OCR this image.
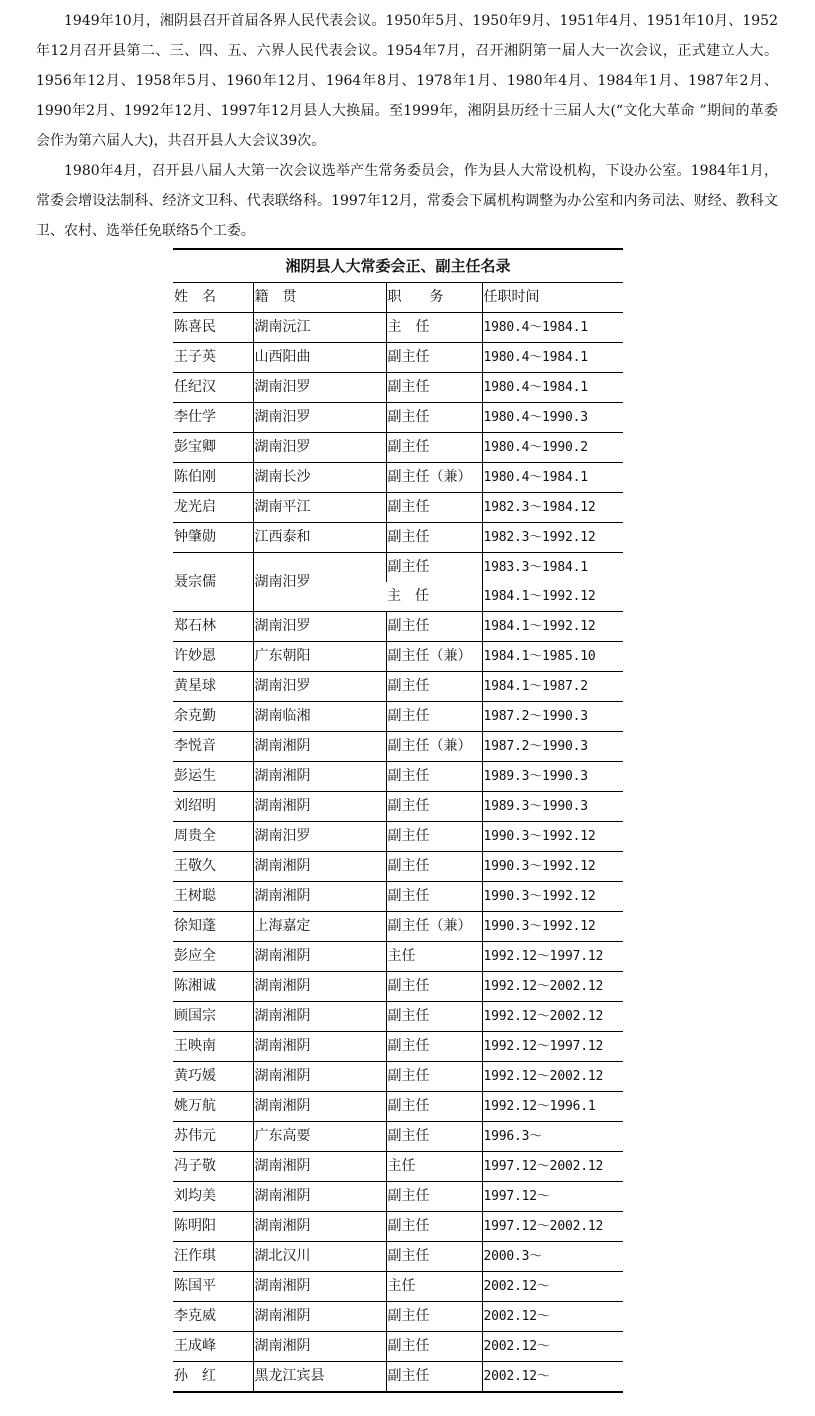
1949年10月，湘阴县召开首届各界人民代表会议。1950年5月、1950年9月、1951年4月、1951年10月、1952年12月召开县第二、三、四、五、六界人民代表会议。1954年7月，召开湘阴第一届人大一次会议，正式建立人大。1956年12月、1958年5月、1960年12月、1964年8月、1978年1月、1980年4月、1984年1月、1987年2月、1990年2月、1992年12月、1997年12月县人大换届。至1999年，湘阴县历经十三届人大(“文化大革命 ”期间的革委会作为第六届人大)，共召开县人大会议39次。

1980年4月，召开县八届人大第一次会议选举产生常务委员会，作为县人大常设机构，下设办公室。1984年1月，常委会增设法制科、经济文卫科、代表联络科。1997年12月，常委会下属机构调整为办公室和内务司法、财经、教科文卫、农村、选举任免联络5个工委。

湘阴县人大常委会正、副主任名录
姓　名	籍　贯	职　　务	任职时间
陈喜民	湖南沅江	主　任	1980.4～1984.1
王子英	山西阳曲	副主任	1980.4～1984.1
任纪汉	湖南汨罗	副主任	1980.4～1984.1
李仕学	湖南汨罗	副主任	1980.4～1990.3
彭宝卿	湖南汨罗	副主任	1980.4～1990.2
陈伯刚	湖南长沙	副主任（兼）	1980.4～1984.1
龙光启	湖南平江	副主任	1982.3～1984.12
钟肇勋	江西泰和	副主任	1982.3～1992.12
聂宗儒	湖南汨罗	副主任	1983.3～1984.1
		主　任	1984.1～1992.12
郑石林	湖南汨罗	副主任	1984.1～1992.12
许妙恩	广东朝阳	副主任（兼）	1984.1～1985.10
黄星球	湖南汨罗	副主任	1984.1～1987.2
余克勤	湖南临湘	副主任	1987.2～1990.3
李悦音	湖南湘阴	副主任（兼）	1987.2～1990.3
彭运生	湖南湘阴	副主任	1989.3～1990.3
刘绍明	湖南湘阴	副主任	1989.3～1990.3
周贵全	湖南汨罗	副主任	1990.3～1992.12
王敬久	湖南湘阴	副主任	1990.3～1992.12
王树聪	湖南湘阴	副主任	1990.3～1992.12
徐知蓬	上海嘉定	副主任（兼）	1990.3～1992.12
彭应全	湖南湘阴	主任	1992.12～1997.12
陈湘诚	湖南湘阴	副主任	1992.12～2002.12
顾国宗	湖南湘阴	副主任	1992.12～2002.12
王映南	湖南湘阴	副主任	1992.12～1997.12
黄巧媛	湖南湘阴	副主任	1992.12～2002.12
姚万航	湖南湘阴	副主任	1992.12～1996.1
苏伟元	广东高要	副主任	1996.3～
冯子敬	湖南湘阴	主任	1997.12～2002.12
刘均美	湖南湘阴	副主任	1997.12～
陈明阳	湖南湘阴	副主任	1997.12～2002.12
汪作琪	湖北汉川	副主任	2000.3～
陈国平	湖南湘阴	主任	2002.12～
李克威	湖南湘阴	副主任	2002.12～
王成峰	湖南湘阴	副主任	2002.12～
孙　红	黑龙江宾县	副主任	2002.12～
